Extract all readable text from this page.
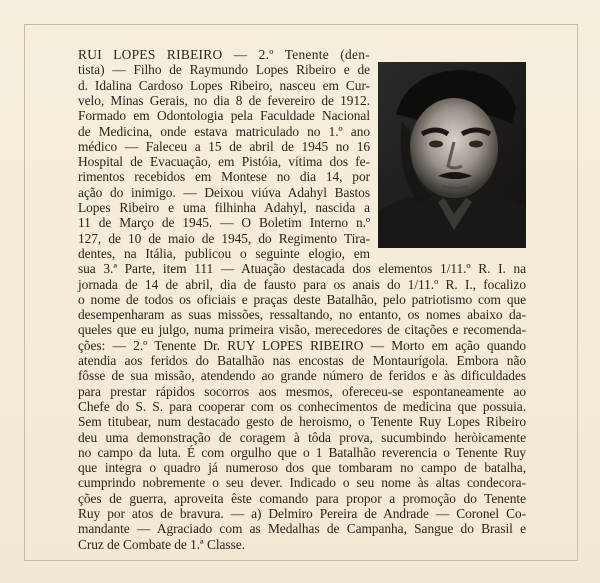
RUI LOPES RIBEIRO — 2.º Tenente (den-
tista) — Filho de Raymundo Lopes Ribeiro e de
d. Idalina Cardoso Lopes Ribeiro, nasceu em Cur-
velo, Minas Gerais, no dia 8 de fevereiro de 1912.
Formado em Odontologia pela Faculdade Nacional
de Medicina, onde estava matriculado no 1.º ano
médico — Faleceu a 15 de abril de 1945 no 16
Hospital de Evacuação, em Pistóia, vítima dos fe-
rimentos recebidos em Montese no dia 14, por
ação do inimigo. — Deixou viúva Adahyl Bastos
Lopes Ribeiro e uma filhinha Adahyl, nascida a
11 de Março de 1945. — O Boletim Interno n.º
127, de 10 de maio de 1945, do Regimento Tira-
dentes, na Itália, publicou o seguinte elogio, em
sua 3.ª Parte, item 111 — Atuação destacada dos elementos 1/11.º R. I. na
jornada de 14 de abril, dia de fausto para os anais do 1/11.º R. I., focalizo
o nome de todos os oficiais e praças deste Batalhão, pelo patriotismo com que
desempenharam as suas missões, ressaltando, no entanto, os nomes abaixo da-
queles que eu julgo, numa primeira visão, merecedores de citações e recomenda-
ções: — 2.º Tenente Dr. RUY LOPES RIBEIRO — Morto em ação quando
atendia aos feridos do Batalhão nas encostas de Montaurígola. Embora não
fôsse de sua missão, atendendo ao grande número de feridos e às dificuldades
para prestar rápidos socorros aos mesmos, ofereceu-se espontaneamente ao
Chefe do S. S. para cooperar com os conhecimentos de medicina que possuia.
Sem titubear, num destacado gesto de heroismo, o Tenente Ruy Lopes Ribeiro
deu uma demonstração de coragem à tôda prova, sucumbindo heròicamente
no campo da luta. É com orgulho que o 1 Batalhão reverencia o Tenente Ruy
que integra o quadro já numeroso dos que tombaram no campo de batalha,
cumprindo nobremente o seu dever. Indicado o seu nome às altas condecora-
ções de guerra, aproveita êste comando para propor a promoção do Tenente
Ruy por atos de bravura. — a) Delmiro Pereira de Andrade — Coronel Co-
mandante — Agraciado com as Medalhas de Campanha, Sangue do Brasil e
Cruz de Combate de 1.ª Classe.
